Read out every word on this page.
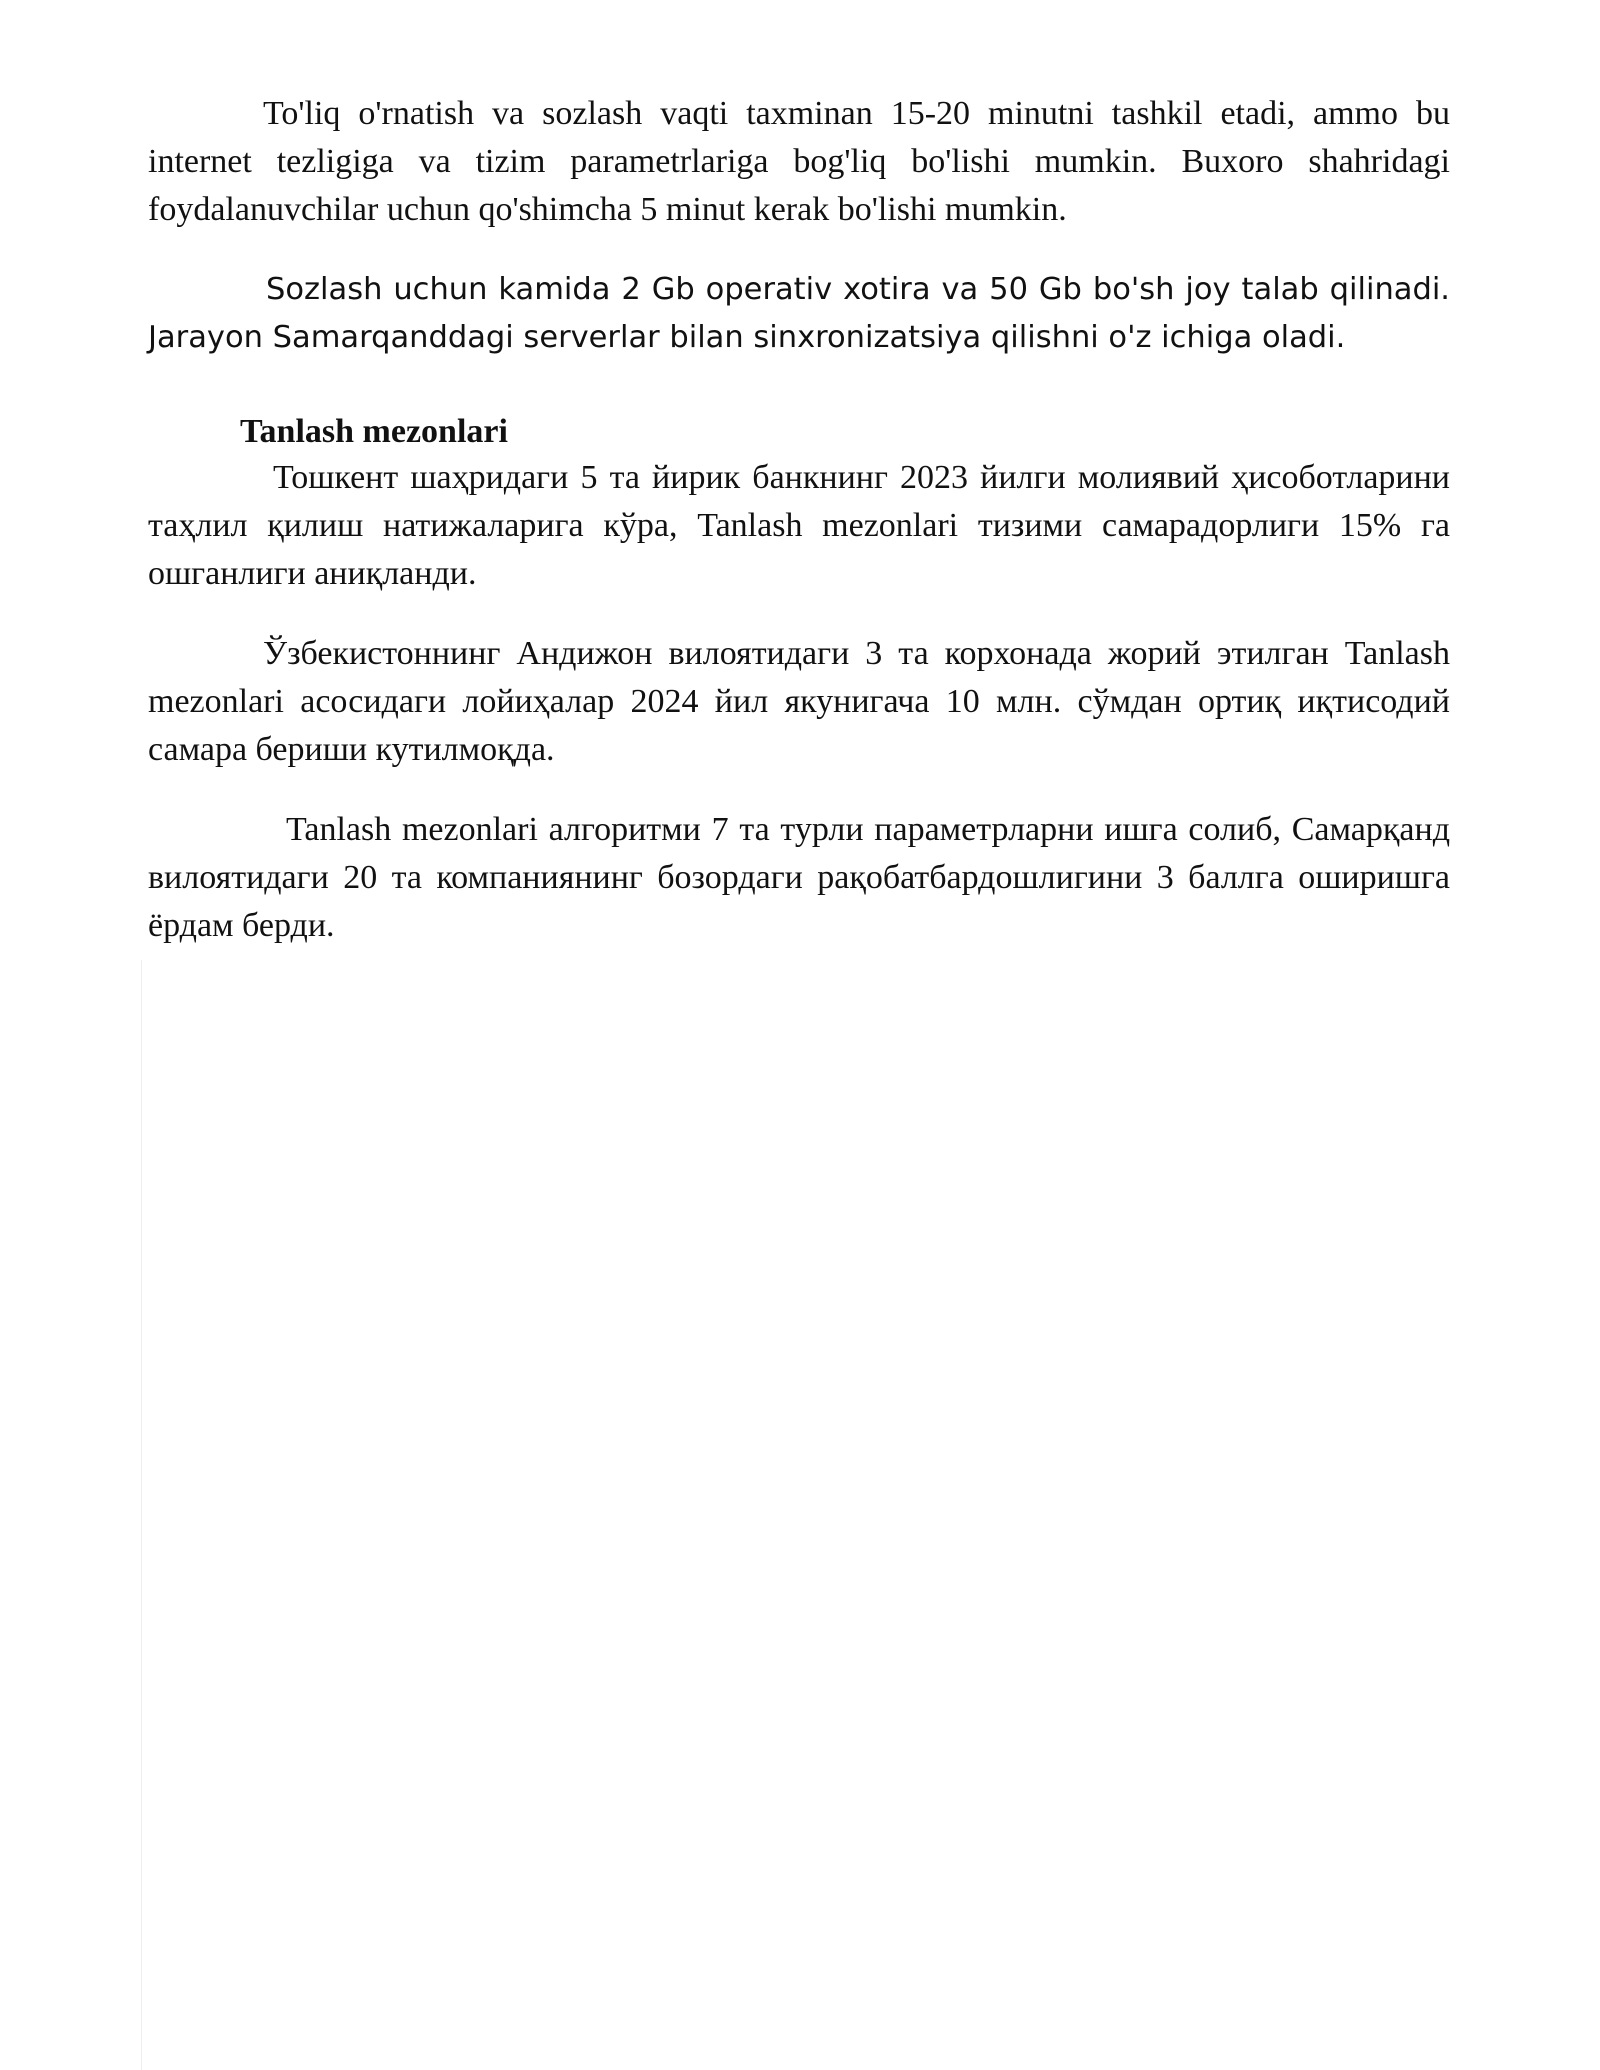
To'liq o'rnatish va sozlash vaqti taxminan 15-20 minutni tashkil etadi, ammo bu internet tezligiga va tizim parametrlariga bog'liq bo'lishi mumkin. Buxoro shahridagi foydalanuvchilar uchun qo'shimcha 5 minut kerak bo'lishi mumkin.

Sozlash uchun kamida 2 Gb operativ xotira va 50 Gb bo'sh joy talab qilinadi. Jarayon Samarqanddagi serverlar bilan sinxronizatsiya qilishni o'z ichiga oladi.

Tanlash mezonlari

Тошкент шаҳридаги 5 та йирик банкнинг 2023 йилги молиявий ҳисоботларини таҳлил қилиш натижаларига кўра, Tanlash mezonlari тизими самарадорлиги 15% га ошганлиги аниқланди.

Ўзбекистоннинг Андижон вилоятидаги 3 та корхонада жорий этилган Tanlash mezonlari асосидаги лойиҳалар 2024 йил якунигача 10 млн. сўмдан ортиқ иқтисодий самара бериши кутилмоқда.

Tanlash mezonlari алгоритми 7 та турли параметрларни ишга солиб, Самарқанд вилоятидаги 20 та компаниянинг бозордаги рақобатбардошлигини 3 баллга оширишга ёрдам берди.
